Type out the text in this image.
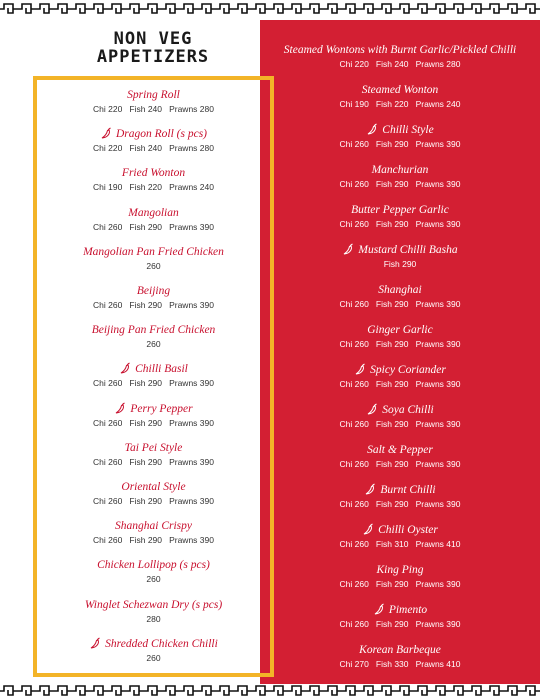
NON VEG
APPETIZERS
Spring Roll
Chi 220   Fish 240   Prawns 280
Dragon Roll (s pcs)
Chi 220   Fish 240   Prawns 280
Fried Wonton
Chi 190   Fish 220   Prawns 240
Mangolian
Chi 260   Fish 290   Prawns 390
Mangolian Pan Fried Chicken
260
Beijing
Chi 260   Fish 290   Prawns 390
Beijing Pan Fried Chicken
260
Chilli Basil
Chi 260   Fish 290   Prawns 390
Perry Pepper
Chi 260   Fish 290   Prawns 390
Tai Pei Style
Chi 260   Fish 290   Prawns 390
Oriental Style
Chi 260   Fish 290   Prawns 390
Shanghai Crispy
Chi 260   Fish 290   Prawns 390
Chicken Lollipop (s pcs)
260
Winglet Schezwan Dry (s pcs)
280
Shredded Chicken Chilli
260
Steamed Wontons with Burnt Garlic/Pickled Chilli
Chi 220   Fish 240   Prawns 280
Steamed Wonton
Chi 190   Fish 220   Prawns 240
Chilli Style
Chi 260   Fish 290   Prawns 390
Manchurian
Chi 260   Fish 290   Prawns 390
Butter Pepper Garlic
Chi 260   Fish 290   Prawns 390
Mustard Chilli Basha
Fish 290
Shanghai
Chi 260   Fish 290   Prawns 390
Ginger Garlic
Chi 260   Fish 290   Prawns 390
Spicy Coriander
Chi 260   Fish 290   Prawns 390
Soya Chilli
Chi 260   Fish 290   Prawns 390
Salt & Pepper
Chi 260   Fish 290   Prawns 390
Burnt Chilli
Chi 260   Fish 290   Prawns 390
Chilli Oyster
Chi 260   Fish 310   Prawns 410
King Ping
Chi 260   Fish 290   Prawns 390
Pimento
Chi 260   Fish 290   Prawns 390
Korean Barbeque
Chi 270   Fish 330   Prawns 410
